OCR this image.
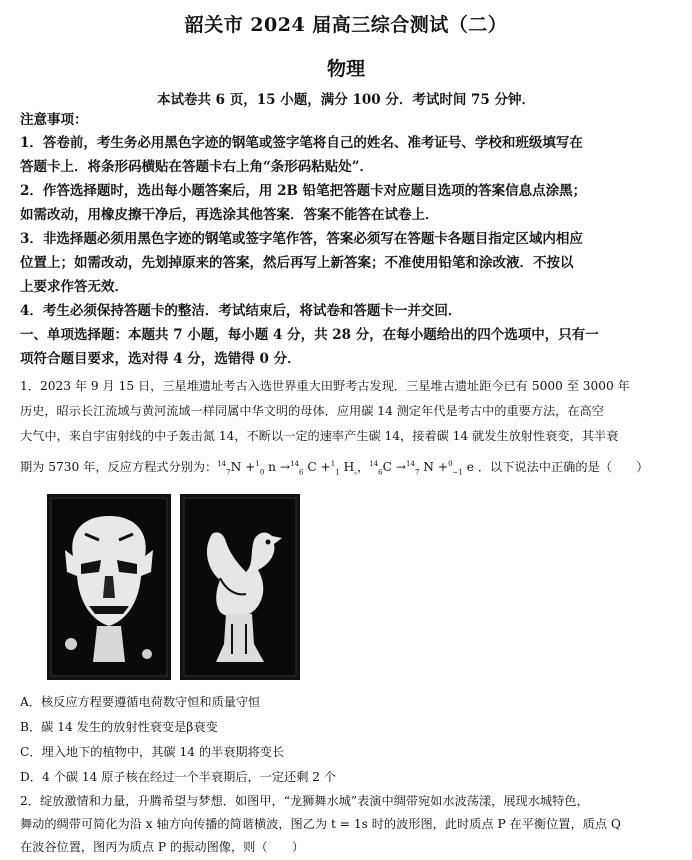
韶关市 2024 届高三综合测试（二）
物理
本试卷共 6 页，15 小题，满分 100 分．考试时间 75 分钟．
注意事项：
1．答卷前，考生务必用黑色字迹的钢笔或签字笔将自己的姓名、准考证号、学校和班级填写在
答题卡上．将条形码横贴在答题卡右上角“条形码粘贴处”．
2．作答选择题时，选出每小题答案后，用 2B 铅笔把答题卡对应题目选项的答案信息点涂黑；
如需改动，用橡皮擦干净后，再选涂其他答案．答案不能答在试卷上．
3．非选择题必须用黑色字迹的钢笔或签字笔作答，答案必须写在答题卡各题目指定区域内相应
位置上；如需改动，先划掉原来的答案，然后再写上新答案；不准使用铅笔和涂改液．不按以
上要求作答无效．
4．考生必须保持答题卡的整洁．考试结束后，将试卷和答题卡一并交回．
一、单项选择题：本题共 7 小题，每小题 4 分，共 28 分，在每小题给出的四个选项中，只有一
项符合题目要求，选对得 4 分，选错得 0 分．
1．2023 年 9 月 15 日，三星堆遗址考古入选世界重大田野考古发现．三星堆古遗址距今已有 5000 至 3000 年
历史，昭示长江流域与黄河流域一样同属中华文明的母体．应用碳 14 测定年代是考古中的重要方法，在高空
大气中，来自宇宙射线的中子轰击氮 14，不断以一定的速率产生碳 14，接着碳 14 就发生放射性衰变，其半衰
期为 5730 年，反应方程式分别为：$^{14}_7$N +$^1_0$ n →$^{14}_6$ C +$^1_1$ $H_{_5}$，$^{14}_6$C →$^{14}_7$ N +$^0_{-1}$ e ．以下说法中正确的是（　　）
A．核反应方程要遵循电荷数守恒和质量守恒
B．碳 14 发生的放射性衰变是β衰变
C．埋入地下的植物中，其碳 14 的半衰期将变长
D．4 个碳 14 原子核在经过一个半衰期后，一定还剩 2 个
2．绽放激情和力量，升腾希望与梦想．如图甲，“龙狮舞水城”表演中绸带宛如水波荡漾，展现水城特色，
舞动的绸带可简化为沿 x 轴方向传播的简谐横波，图乙为 t = 1s 时的波形图，此时质点 P 在平衡位置，质点 Q
在波谷位置，图丙为质点 P 的振动图像，则（　　）
